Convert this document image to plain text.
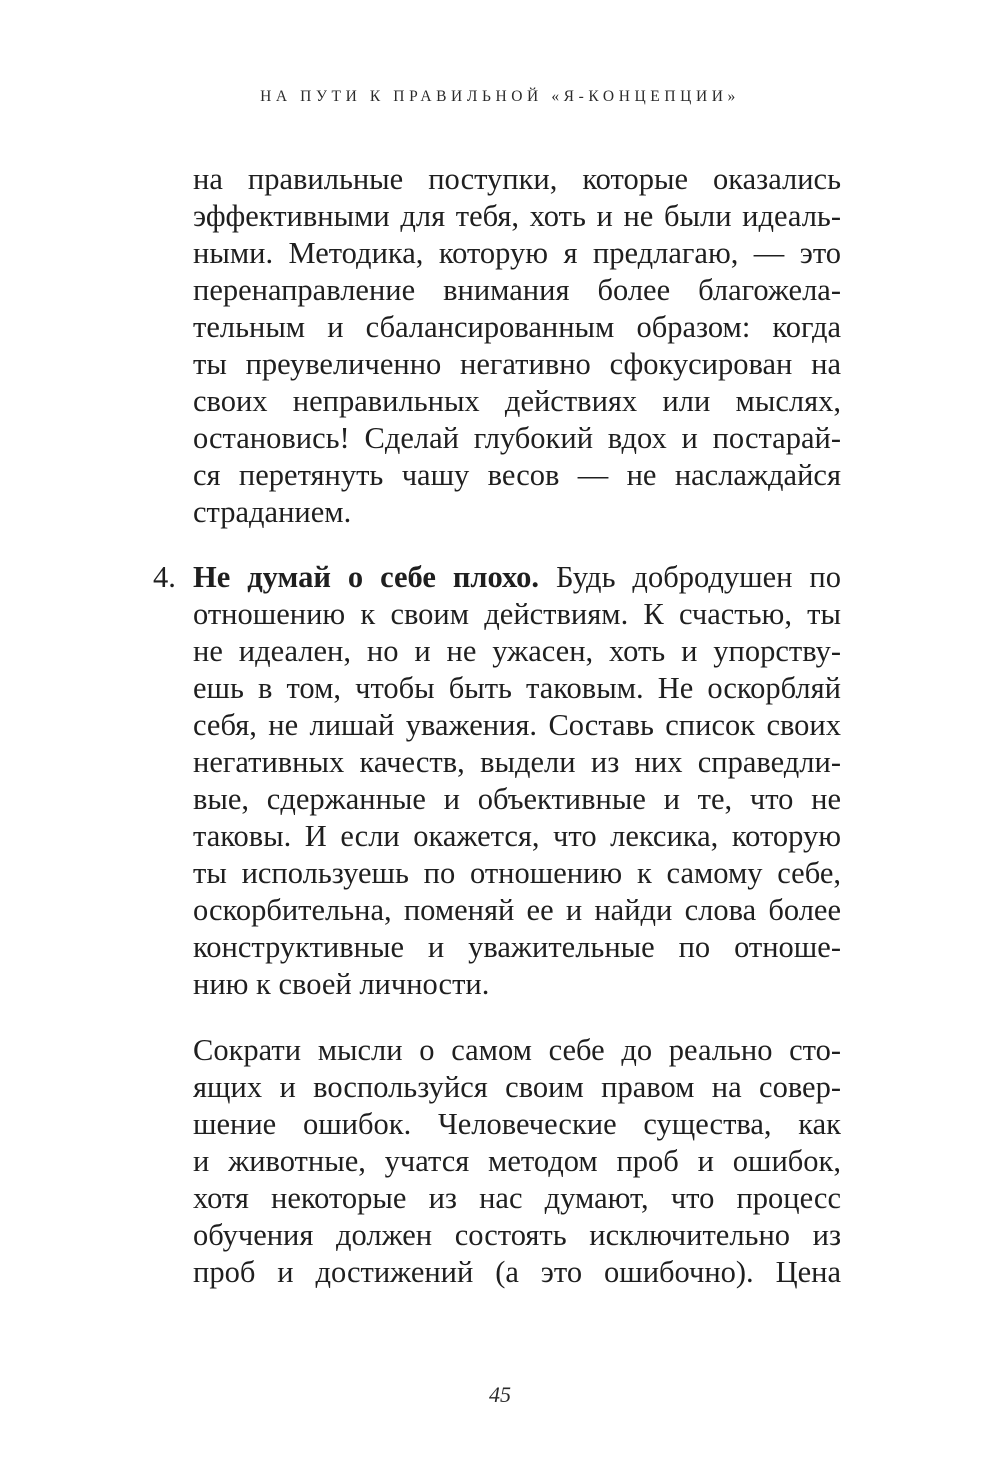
НА ПУТИ К ПРАВИЛЬНОЙ «Я-КОНЦЕПЦИИ»
на правильные поступки, которые оказались
эффективными для тебя, хоть и не были идеаль-
ными. Методика, которую я предлагаю, — это
перенаправление внимания более благожела-
тельным и сбалансированным образом: когда
ты преувеличенно негативно сфокусирован на
своих неправильных действиях или мыслях,
остановись! Сделай глубокий вдох и постарай-
ся перетянуть чашу весов — не наслаждайся
страданием.
4. Не думай о себе плохо. Будь добродушен по
отношению к своим действиям. К счастью, ты
не идеален, но и не ужасен, хоть и упорству-
ешь в том, чтобы быть таковым. Не оскорбляй
себя, не лишай уважения. Составь список своих
негативных качеств, выдели из них справедли-
вые, сдержанные и объективные и те, что не
таковы. И если окажется, что лексика, которую
ты используешь по отношению к самому себе,
оскорбительна, поменяй ее и найди слова более
конструктивные и уважительные по отноше-
нию к своей личности.
Сократи мысли о самом себе до реально сто-
ящих и воспользуйся своим правом на совер-
шение ошибок. Человеческие существа, как
и животные, учатся методом проб и ошибок,
хотя некоторые из нас думают, что процесс
обучения должен состоять исключительно из
проб и достижений (а это ошибочно). Цена
45
